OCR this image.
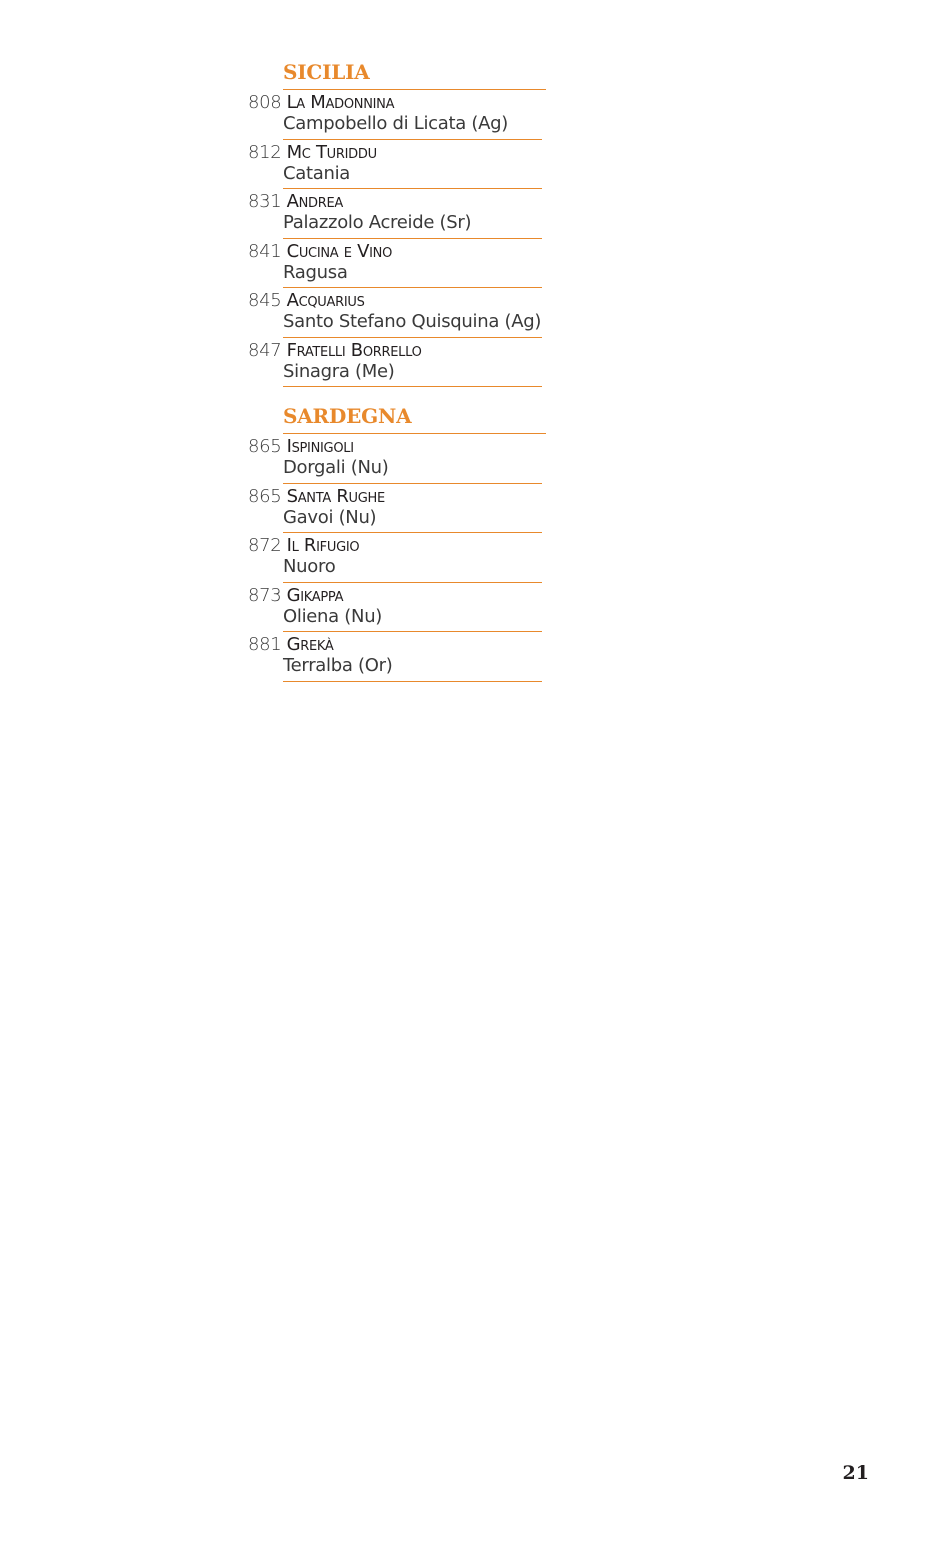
SICILIA
808 La Madonnina
Campobello di Licata (Ag)
812 Mc Turiddu
Catania
831 Andrea
Palazzolo Acreide (Sr)
841 Cucina e Vino
Ragusa
845 Acquarius
Santo Stefano Quisquina (Ag)
847 Fratelli Borrello
Sinagra (Me)
SARDEGNA
865 Ispinigoli
Dorgali (Nu)
865 Santa Rughe
Gavoi (Nu)
872 Il Rifugio
Nuoro
873 Gikappa
Oliena (Nu)
881 Grekà
Terralba (Or)
21
